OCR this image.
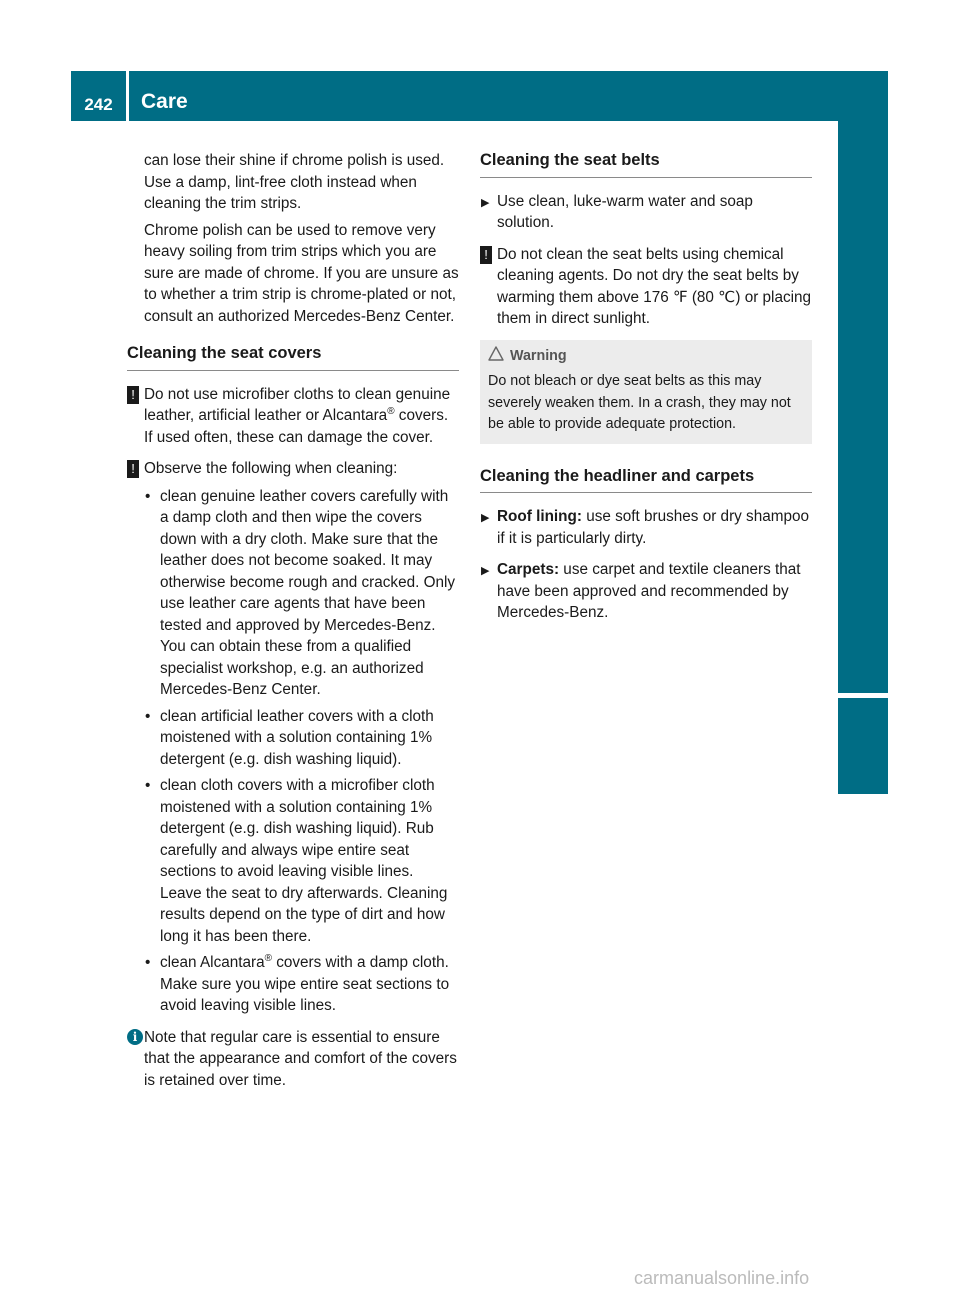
242	Care
Maintenance and care

can lose their shine if chrome polish is used. Use a damp, lint-free cloth instead when cleaning the trim strips.

Chrome polish can be used to remove very heavy soiling from trim strips which you are sure are made of chrome. If you are unsure as to whether a trim strip is chrome-plated or not, consult an authorized Mercedes-Benz Center.

Cleaning the seat covers
! Do not use microfiber cloths to clean genuine leather, artificial leather or Alcantara® covers. If used often, these can damage the cover.
! Observe the following when cleaning:
• clean genuine leather covers carefully with a damp cloth and then wipe the covers down with a dry cloth. Make sure that the leather does not become soaked. It may otherwise become rough and cracked. Only use leather care agents that have been tested and approved by Mercedes-Benz. You can obtain these from a qualified specialist workshop, e.g. an authorized Mercedes-Benz Center.
• clean artificial leather covers with a cloth moistened with a solution containing 1% detergent (e.g. dish washing liquid).
• clean cloth covers with a microfiber cloth moistened with a solution containing 1% detergent (e.g. dish washing liquid). Rub carefully and always wipe entire seat sections to avoid leaving visible lines. Leave the seat to dry afterwards. Cleaning results depend on the type of dirt and how long it has been there.
• clean Alcantara® covers with a damp cloth. Make sure you wipe entire seat sections to avoid leaving visible lines.
i Note that regular care is essential to ensure that the appearance and comfort of the covers is retained over time.
Cleaning the seat belts
▶ Use clean, luke-warm water and soap solution.
! Do not clean the seat belts using chemical cleaning agents. Do not dry the seat belts by warming them above 176 ℉ (80 ℃) or placing them in direct sunlight.
Warning
Do not bleach or dye seat belts as this may severely weaken them. In a crash, they may not be able to provide adequate protection.
Cleaning the headliner and carpets
▶ Roof lining: use soft brushes or dry shampoo if it is particularly dirty.
▶ Carpets: use carpet and textile cleaners that have been approved and recommended by Mercedes-Benz.
carmanualsonline.info
